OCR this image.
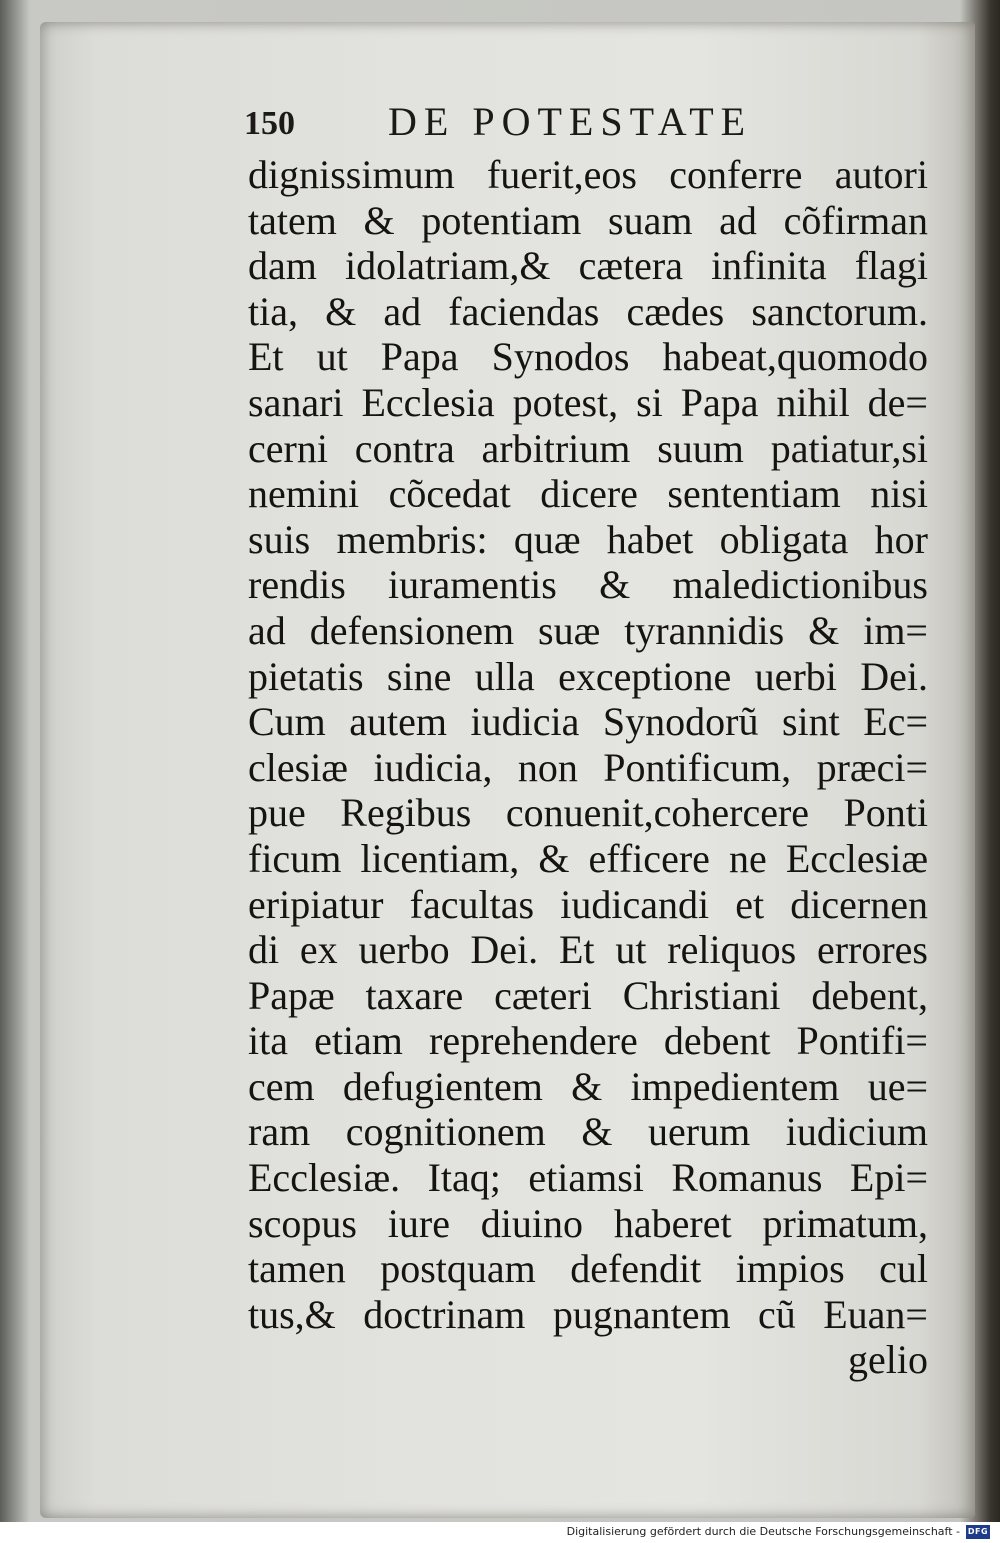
150 DE POTESTATE
dignissimum fuerit,eos conferre autori
tatem & potentiam suam ad cõfirman
dam idolatriam,& cætera infinita flagi
tia, & ad faciendas cædes sanctorum.
Et ut Papa Synodos habeat,quomodo
sanari Ecclesia potest, si Papa nihil de=
cerni contra arbitrium suum patiatur,si
nemini cõcedat dicere sententiam nisi
suis membris: quæ habet obligata hor
rendis iuramentis & maledictionibus
ad defensionem suæ tyrannidis & im=
pietatis sine ulla exceptione uerbi Dei.
Cum autem iudicia Synodorũ sint Ec=
clesiæ iudicia, non Pontificum, præci=
pue Regibus conuenit,cohercere Ponti
ficum licentiam, & efficere ne Ecclesiæ
eripiatur facultas iudicandi et dicernen
di ex uerbo Dei. Et ut reliquos errores
Papæ taxare cæteri Christiani debent,
ita etiam reprehendere debent Pontifi=
cem defugientem & impedientem ue=
ram cognitionem & uerum iudicium
Ecclesiæ. Itaq; etiamsi Romanus Epi=
scopus iure diuino haberet primatum,
tamen postquam defendit impios cul
tus,& doctrinam pugnantem cũ Euan=
gelio
Digitalisierung gefördert durch die Deutsche Forschungsgemeinschaft - DFG
